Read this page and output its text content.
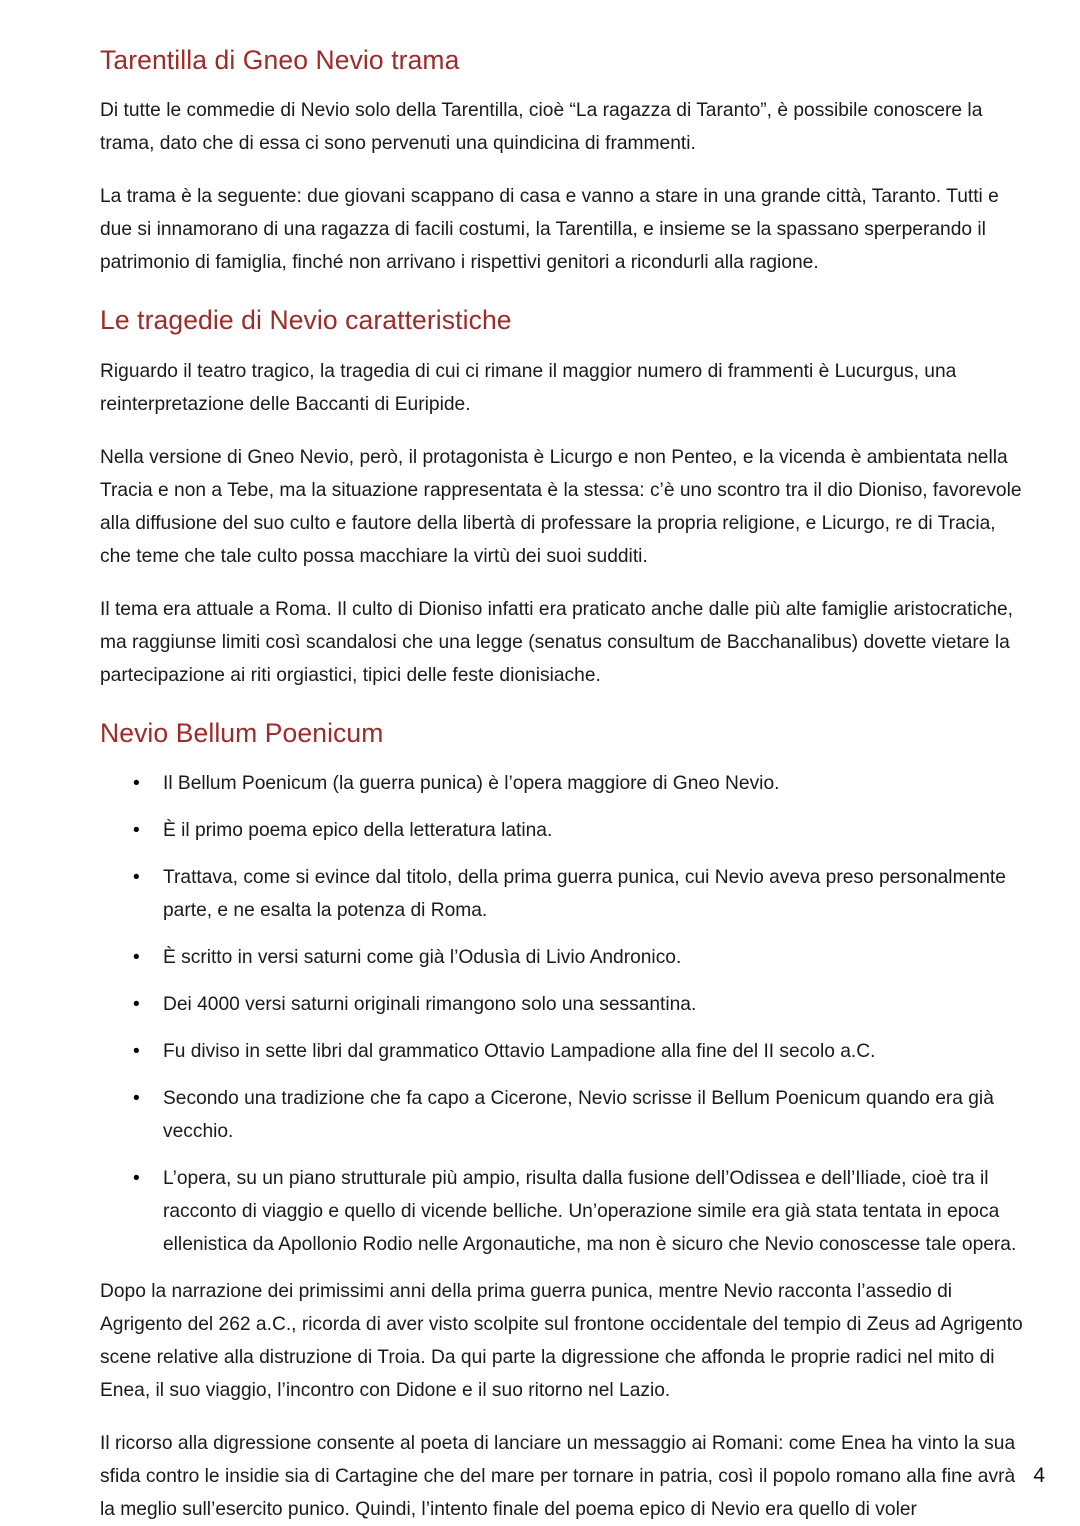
Tarentilla di Gneo Nevio trama

Di tutte le commedie di Nevio solo della Tarentilla, cioè “La ragazza di Taranto”, è possibile conoscere la trama, dato che di essa ci sono pervenuti una quindicina di frammenti.

La trama è la seguente: due giovani scappano di casa e vanno a stare in una grande città, Taranto. Tutti e due si innamorano di una ragazza di facili costumi, la Tarentilla, e insieme se la spassano sperperando il patrimonio di famiglia, finché non arrivano i rispettivi genitori a ricondurli alla ragione.

Le tragedie di Nevio caratteristiche

Riguardo il teatro tragico, la tragedia di cui ci rimane il maggior numero di frammenti è Lucurgus, una reinterpretazione delle Baccanti di Euripide.

Nella versione di Gneo Nevio, però, il protagonista è Licurgo e non Penteo, e la vicenda è ambientata nella Tracia e non a Tebe, ma la situazione rappresentata è la stessa: c’è uno scontro tra il dio Dioniso, favorevole alla diffusione del suo culto e fautore della libertà di professare la propria religione, e Licurgo, re di Tracia, che teme che tale culto possa macchiare la virtù dei suoi sudditi.

Il tema era attuale a Roma. Il culto di Dioniso infatti era praticato anche dalle più alte famiglie aristocratiche, ma raggiunse limiti così scandalosi che una legge (senatus consultum de Bacchanalibus) dovette vietare la partecipazione ai riti orgiastici, tipici delle feste dionisiache.

Nevio Bellum Poenicum
• Il Bellum Poenicum (la guerra punica) è l’opera maggiore di Gneo Nevio.
• È il primo poema epico della letteratura latina.
• Trattava, come si evince dal titolo, della prima guerra punica, cui Nevio aveva preso personalmente parte, e ne esalta la potenza di Roma.
• È scritto in versi saturni come già l’Odusìa di Livio Andronico.
• Dei 4000 versi saturni originali rimangono solo una sessantina.
• Fu diviso in sette libri dal grammatico Ottavio Lampadione alla fine del II secolo a.C.
• Secondo una tradizione che fa capo a Cicerone, Nevio scrisse il Bellum Poenicum quando era già vecchio.
• L’opera, su un piano strutturale più ampio, risulta dalla fusione dell’Odissea e dell’Iliade, cioè tra il racconto di viaggio e quello di vicende belliche. Un’operazione simile era già stata tentata in epoca ellenistica da Apollonio Rodio nelle Argonautiche, ma non è sicuro che Nevio conoscesse tale opera.

Dopo la narrazione dei primissimi anni della prima guerra punica, mentre Nevio racconta l’assedio di Agrigento del 262 a.C., ricorda di aver visto scolpite sul frontone occidentale del tempio di Zeus ad Agrigento scene relative alla distruzione di Troia. Da qui parte la digressione che affonda le proprie radici nel mito di Enea, il suo viaggio, l’incontro con Didone e il suo ritorno nel Lazio.

Il ricorso alla digressione consente al poeta di lanciare un messaggio ai Romani: come Enea ha vinto la sua sfida contro le insidie sia di Cartagine che del mare per tornare in patria, così il popolo romano alla fine avrà la meglio sull’esercito punico. Quindi, l’intento finale del poema epico di Nevio era quello di voler

4
